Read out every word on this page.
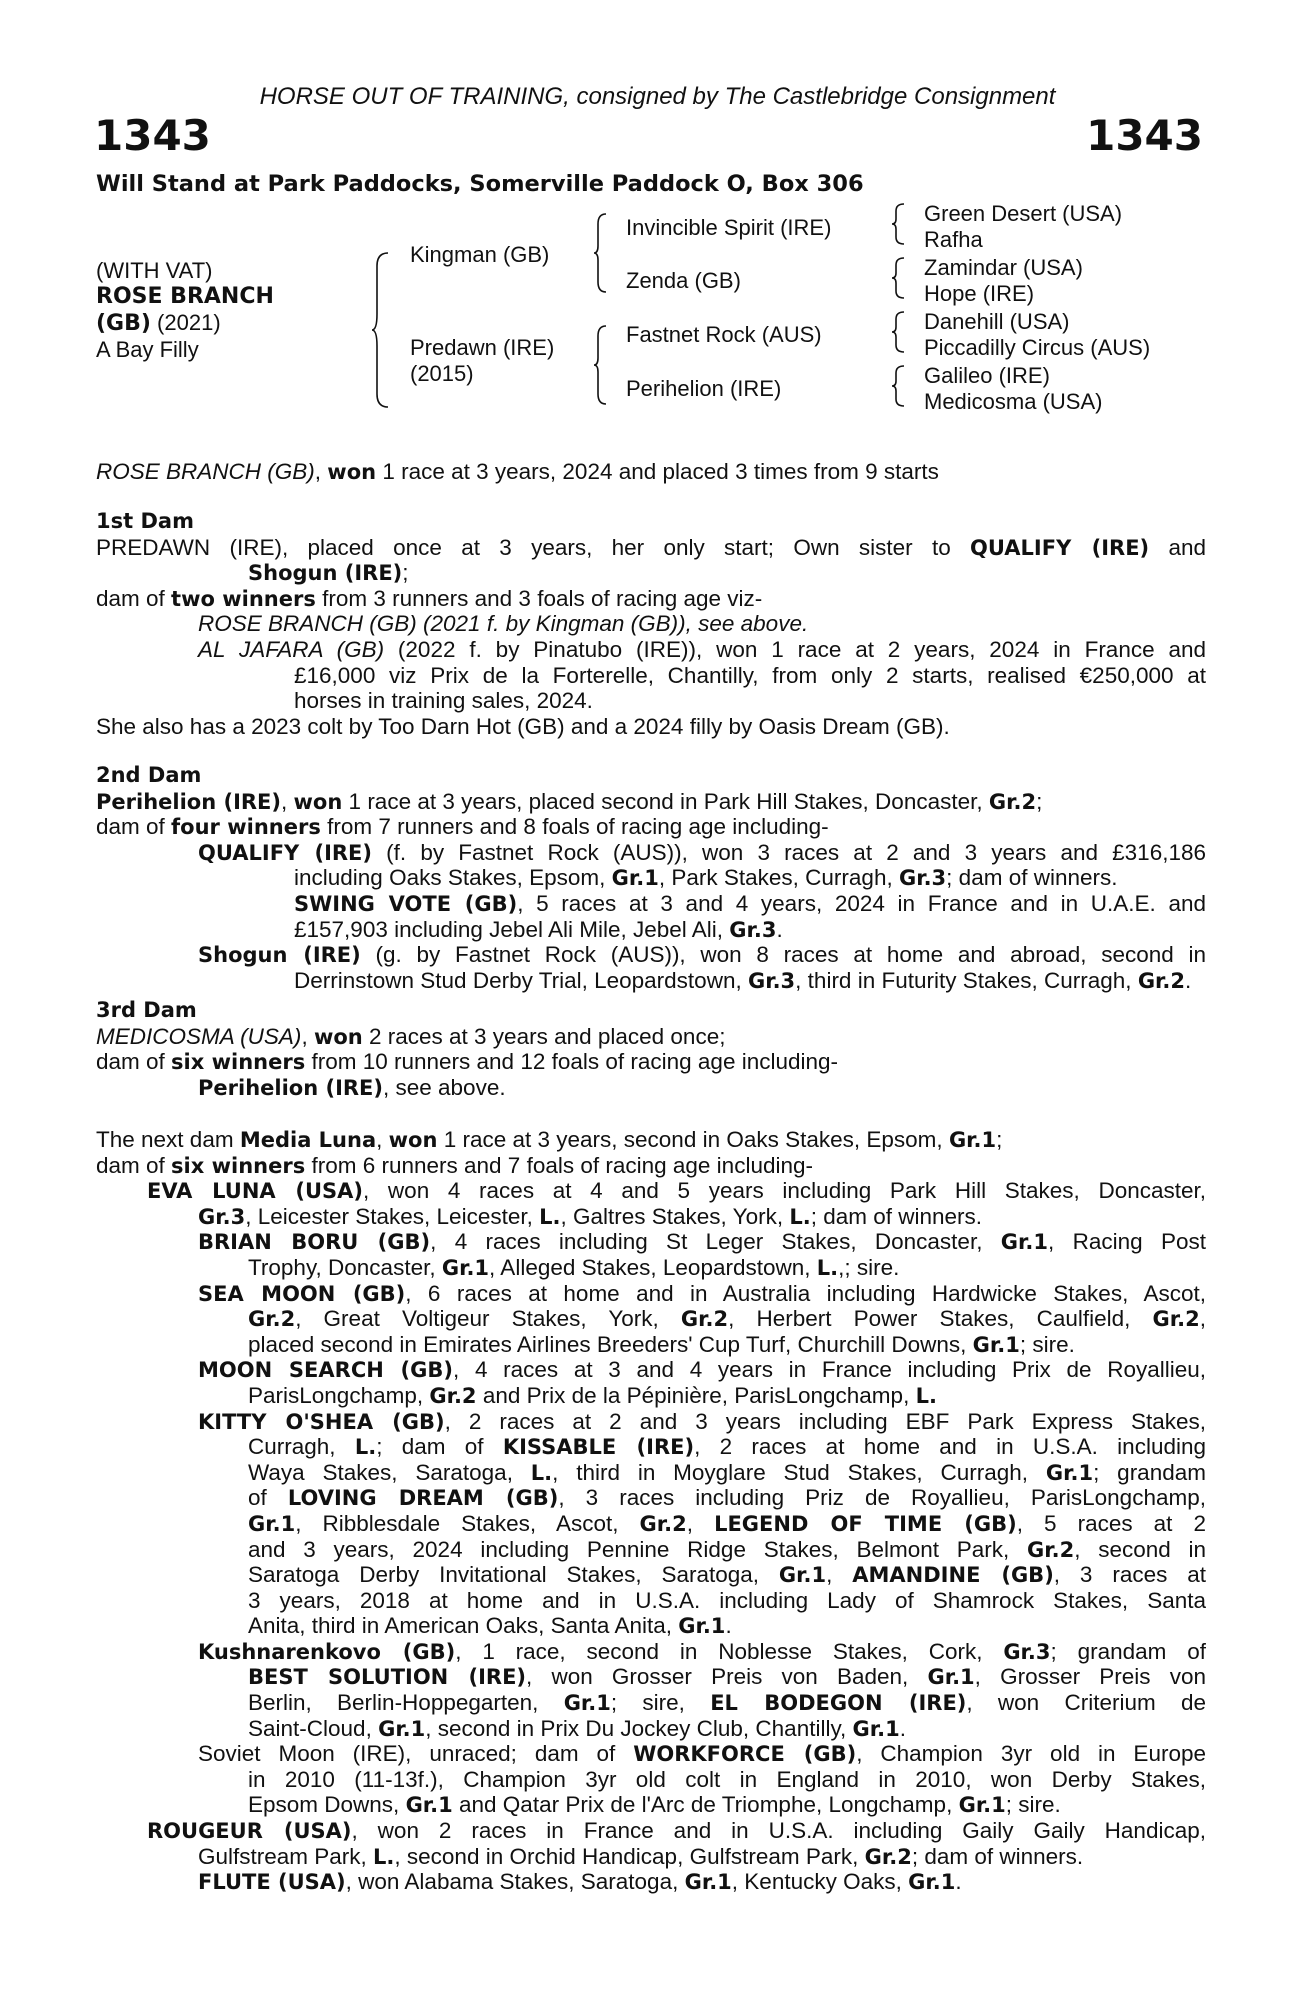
HORSE OUT OF TRAINING, consigned by The Castlebridge Consignment
1343	1343
Will Stand at Park Paddocks, Somerville Paddock O, Box 306
(WITH VAT)
ROSE BRANCH
(GB) (2021)
A Bay Filly
Kingman (GB)
Predawn (IRE)
(2015)
Invincible Spirit (IRE)
Zenda (GB)
Fastnet Rock (AUS)
Perihelion (IRE)
Green Desert (USA)
Rafha
Zamindar (USA)
Hope (IRE)
Danehill (USA)
Piccadilly Circus (AUS)
Galileo (IRE)
Medicosma (USA)
ROSE BRANCH (GB), won 1 race at 3 years, 2024 and placed 3 times from 9 starts
1st Dam
PREDAWN (IRE), placed once at 3 years, her only start; Own sister to QUALIFY (IRE) and
Shogun (IRE);
dam of two winners from 3 runners and 3 foals of racing age viz-
ROSE BRANCH (GB) (2021 f. by Kingman (GB)), see above.
AL JAFARA (GB) (2022 f. by Pinatubo (IRE)), won 1 race at 2 years, 2024 in France and
£16,000 viz Prix de la Forterelle, Chantilly, from only 2 starts, realised €250,000 at
horses in training sales, 2024.
She also has a 2023 colt by Too Darn Hot (GB) and a 2024 filly by Oasis Dream (GB).
2nd Dam
Perihelion (IRE), won 1 race at 3 years, placed second in Park Hill Stakes, Doncaster, Gr.2;
dam of four winners from 7 runners and 8 foals of racing age including-
QUALIFY (IRE) (f. by Fastnet Rock (AUS)), won 3 races at 2 and 3 years and £316,186
including Oaks Stakes, Epsom, Gr.1, Park Stakes, Curragh, Gr.3; dam of winners.
SWING VOTE (GB), 5 races at 3 and 4 years, 2024 in France and in U.A.E. and
£157,903 including Jebel Ali Mile, Jebel Ali, Gr.3.
Shogun (IRE) (g. by Fastnet Rock (AUS)), won 8 races at home and abroad, second in
Derrinstown Stud Derby Trial, Leopardstown, Gr.3, third in Futurity Stakes, Curragh, Gr.2.
3rd Dam
MEDICOSMA (USA), won 2 races at 3 years and placed once;
dam of six winners from 10 runners and 12 foals of racing age including-
Perihelion (IRE), see above.
The next dam Media Luna, won 1 race at 3 years, second in Oaks Stakes, Epsom, Gr.1;
dam of six winners from 6 runners and 7 foals of racing age including-
EVA LUNA (USA), won 4 races at 4 and 5 years including Park Hill Stakes, Doncaster,
Gr.3, Leicester Stakes, Leicester, L., Galtres Stakes, York, L.; dam of winners.
BRIAN BORU (GB), 4 races including St Leger Stakes, Doncaster, Gr.1, Racing Post
Trophy, Doncaster, Gr.1, Alleged Stakes, Leopardstown, L.,; sire.
SEA MOON (GB), 6 races at home and in Australia including Hardwicke Stakes, Ascot,
Gr.2, Great Voltigeur Stakes, York, Gr.2, Herbert Power Stakes, Caulfield, Gr.2,
placed second in Emirates Airlines Breeders' Cup Turf, Churchill Downs, Gr.1; sire.
MOON SEARCH (GB), 4 races at 3 and 4 years in France including Prix de Royallieu,
ParisLongchamp, Gr.2 and Prix de la Pépinière, ParisLongchamp, L.
KITTY O'SHEA (GB), 2 races at 2 and 3 years including EBF Park Express Stakes,
Curragh, L.; dam of KISSABLE (IRE), 2 races at home and in U.S.A. including
Waya Stakes, Saratoga, L., third in Moyglare Stud Stakes, Curragh, Gr.1; grandam
of LOVING DREAM (GB), 3 races including Priz de Royallieu, ParisLongchamp,
Gr.1, Ribblesdale Stakes, Ascot, Gr.2, LEGEND OF TIME (GB), 5 races at 2
and 3 years, 2024 including Pennine Ridge Stakes, Belmont Park, Gr.2, second in
Saratoga Derby Invitational Stakes, Saratoga, Gr.1, AMANDINE (GB), 3 races at
3 years, 2018 at home and in U.S.A. including Lady of Shamrock Stakes, Santa
Anita, third in American Oaks, Santa Anita, Gr.1.
Kushnarenkovo (GB), 1 race, second in Noblesse Stakes, Cork, Gr.3; grandam of
BEST SOLUTION (IRE), won Grosser Preis von Baden, Gr.1, Grosser Preis von
Berlin, Berlin-Hoppegarten, Gr.1; sire, EL BODEGON (IRE), won Criterium de
Saint-Cloud, Gr.1, second in Prix Du Jockey Club, Chantilly, Gr.1.
Soviet Moon (IRE), unraced; dam of WORKFORCE (GB), Champion 3yr old in Europe
in 2010 (11-13f.), Champion 3yr old colt in England in 2010, won Derby Stakes,
Epsom Downs, Gr.1 and Qatar Prix de l'Arc de Triomphe, Longchamp, Gr.1; sire.
ROUGEUR (USA), won 2 races in France and in U.S.A. including Gaily Gaily Handicap,
Gulfstream Park, L., second in Orchid Handicap, Gulfstream Park, Gr.2; dam of winners.
FLUTE (USA), won Alabama Stakes, Saratoga, Gr.1, Kentucky Oaks, Gr.1.
